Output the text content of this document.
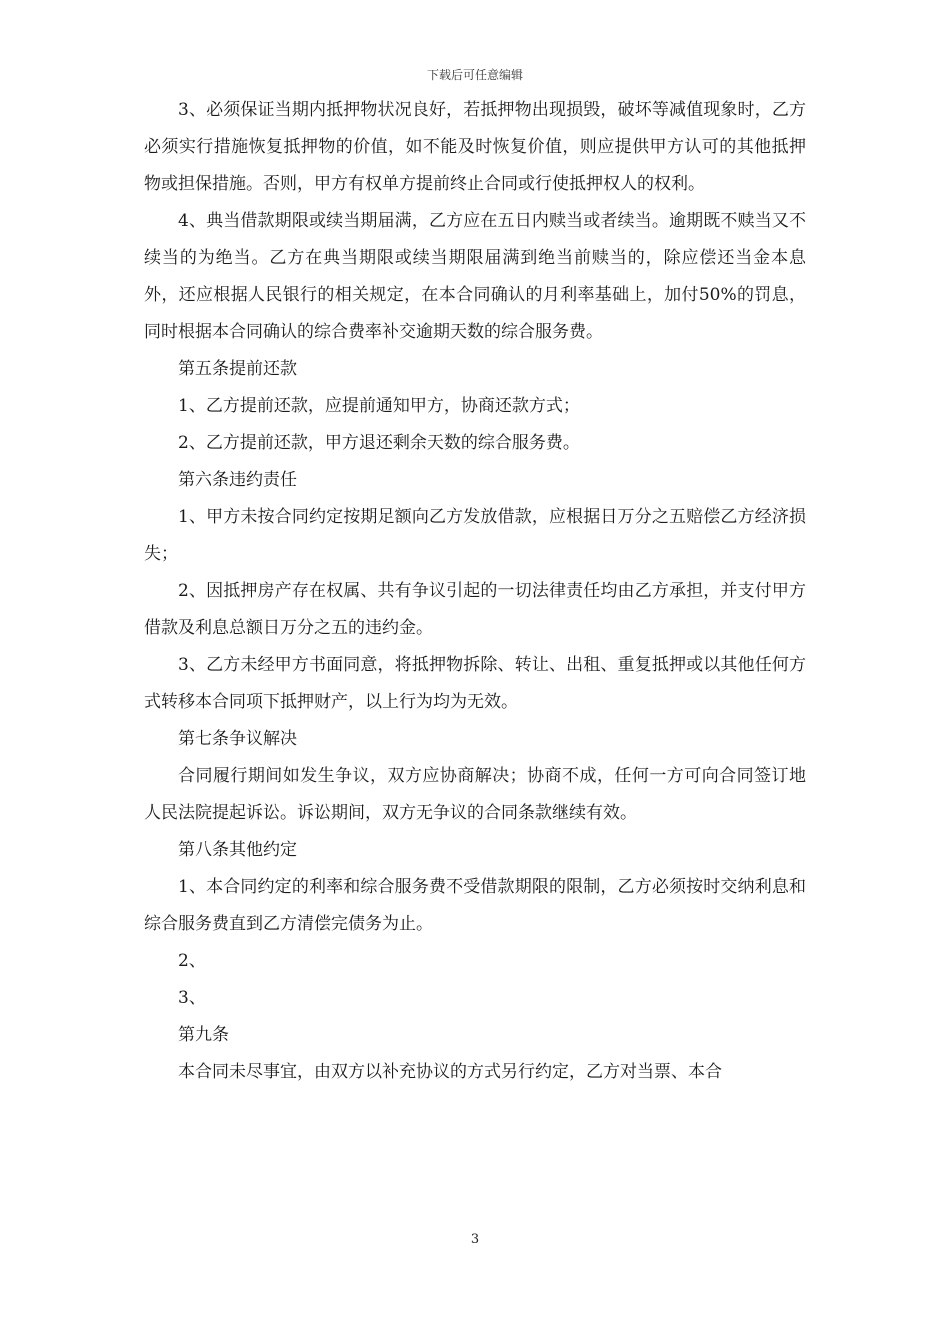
下载后可任意编辑

3、必须保证当期内抵押物状况良好，若抵押物出现损毁，破坏等减值现象时，乙方必须实行措施恢复抵押物的价值，如不能及时恢复价值，则应提供甲方认可的其他抵押物或担保措施。否则，甲方有权单方提前终止合同或行使抵押权人的权利。

4、典当借款期限或续当期届满，乙方应在五日内赎当或者续当。逾期既不赎当又不续当的为绝当。乙方在典当期限或续当期限届满到绝当前赎当的，除应偿还当金本息外，还应根据人民银行的相关规定，在本合同确认的月利率基础上，加付50%的罚息，同时根据本合同确认的综合费率补交逾期天数的综合服务费。

第五条提前还款

1、乙方提前还款，应提前通知甲方，协商还款方式；

2、乙方提前还款，甲方退还剩余天数的综合服务费。

第六条违约责任

1、甲方未按合同约定按期足额向乙方发放借款，应根据日万分之五赔偿乙方经济损失；

2、因抵押房产存在权属、共有争议引起的一切法律责任均由乙方承担，并支付甲方借款及利息总额日万分之五的违约金。

3、乙方未经甲方书面同意，将抵押物拆除、转让、出租、重复抵押或以其他任何方式转移本合同项下抵押财产，以上行为均为无效。

第七条争议解决

合同履行期间如发生争议，双方应协商解决；协商不成，任何一方可向合同签订地人民法院提起诉讼。诉讼期间，双方无争议的合同条款继续有效。

第八条其他约定

1、本合同约定的利率和综合服务费不受借款期限的限制，乙方必须按时交纳利息和综合服务费直到乙方清偿完债务为止。

2、

3、

第九条

本合同未尽事宜，由双方以补充协议的方式另行约定，乙方对当票、本合

3
